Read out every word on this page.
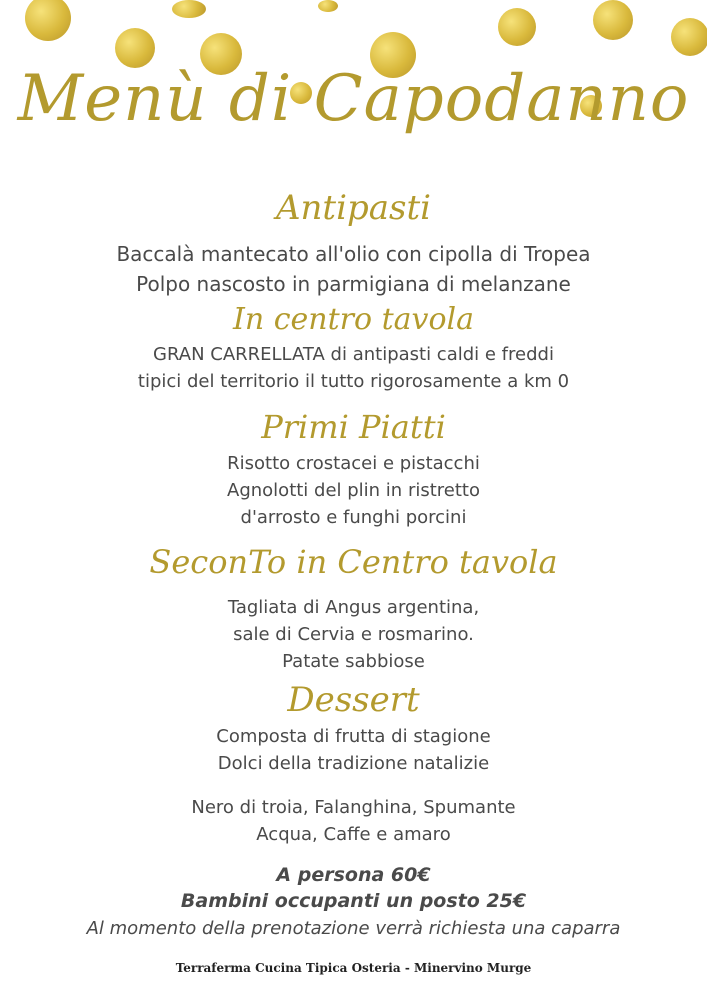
Menù di Capodanno
Antipasti
Baccalà mantecato all'olio con cipolla di Tropea
Polpo nascosto in parmigiana di melanzane
In centro tavola
GRAN CARRELLATA di antipasti caldi e freddi
tipici del territorio il tutto rigorosamente a km 0
Primi Piatti
Risotto crostacei e pistacchi
Agnolotti del plin in ristretto
d'arrosto e funghi porcini
SeconTo in Centro tavola
Tagliata di Angus argentina,
sale di Cervia e rosmarino.
Patate sabbiose
Dessert
Composta di frutta di stagione
Dolci della tradizione natalizie
Nero di troia, Falanghina, Spumante
Acqua, Caffe e amaro
A persona 60€
Bambini occupanti un posto 25€
Al momento della prenotazione verrà richiesta una caparra
Terraferma Cucina Tipica Osteria - Minervino Murge
